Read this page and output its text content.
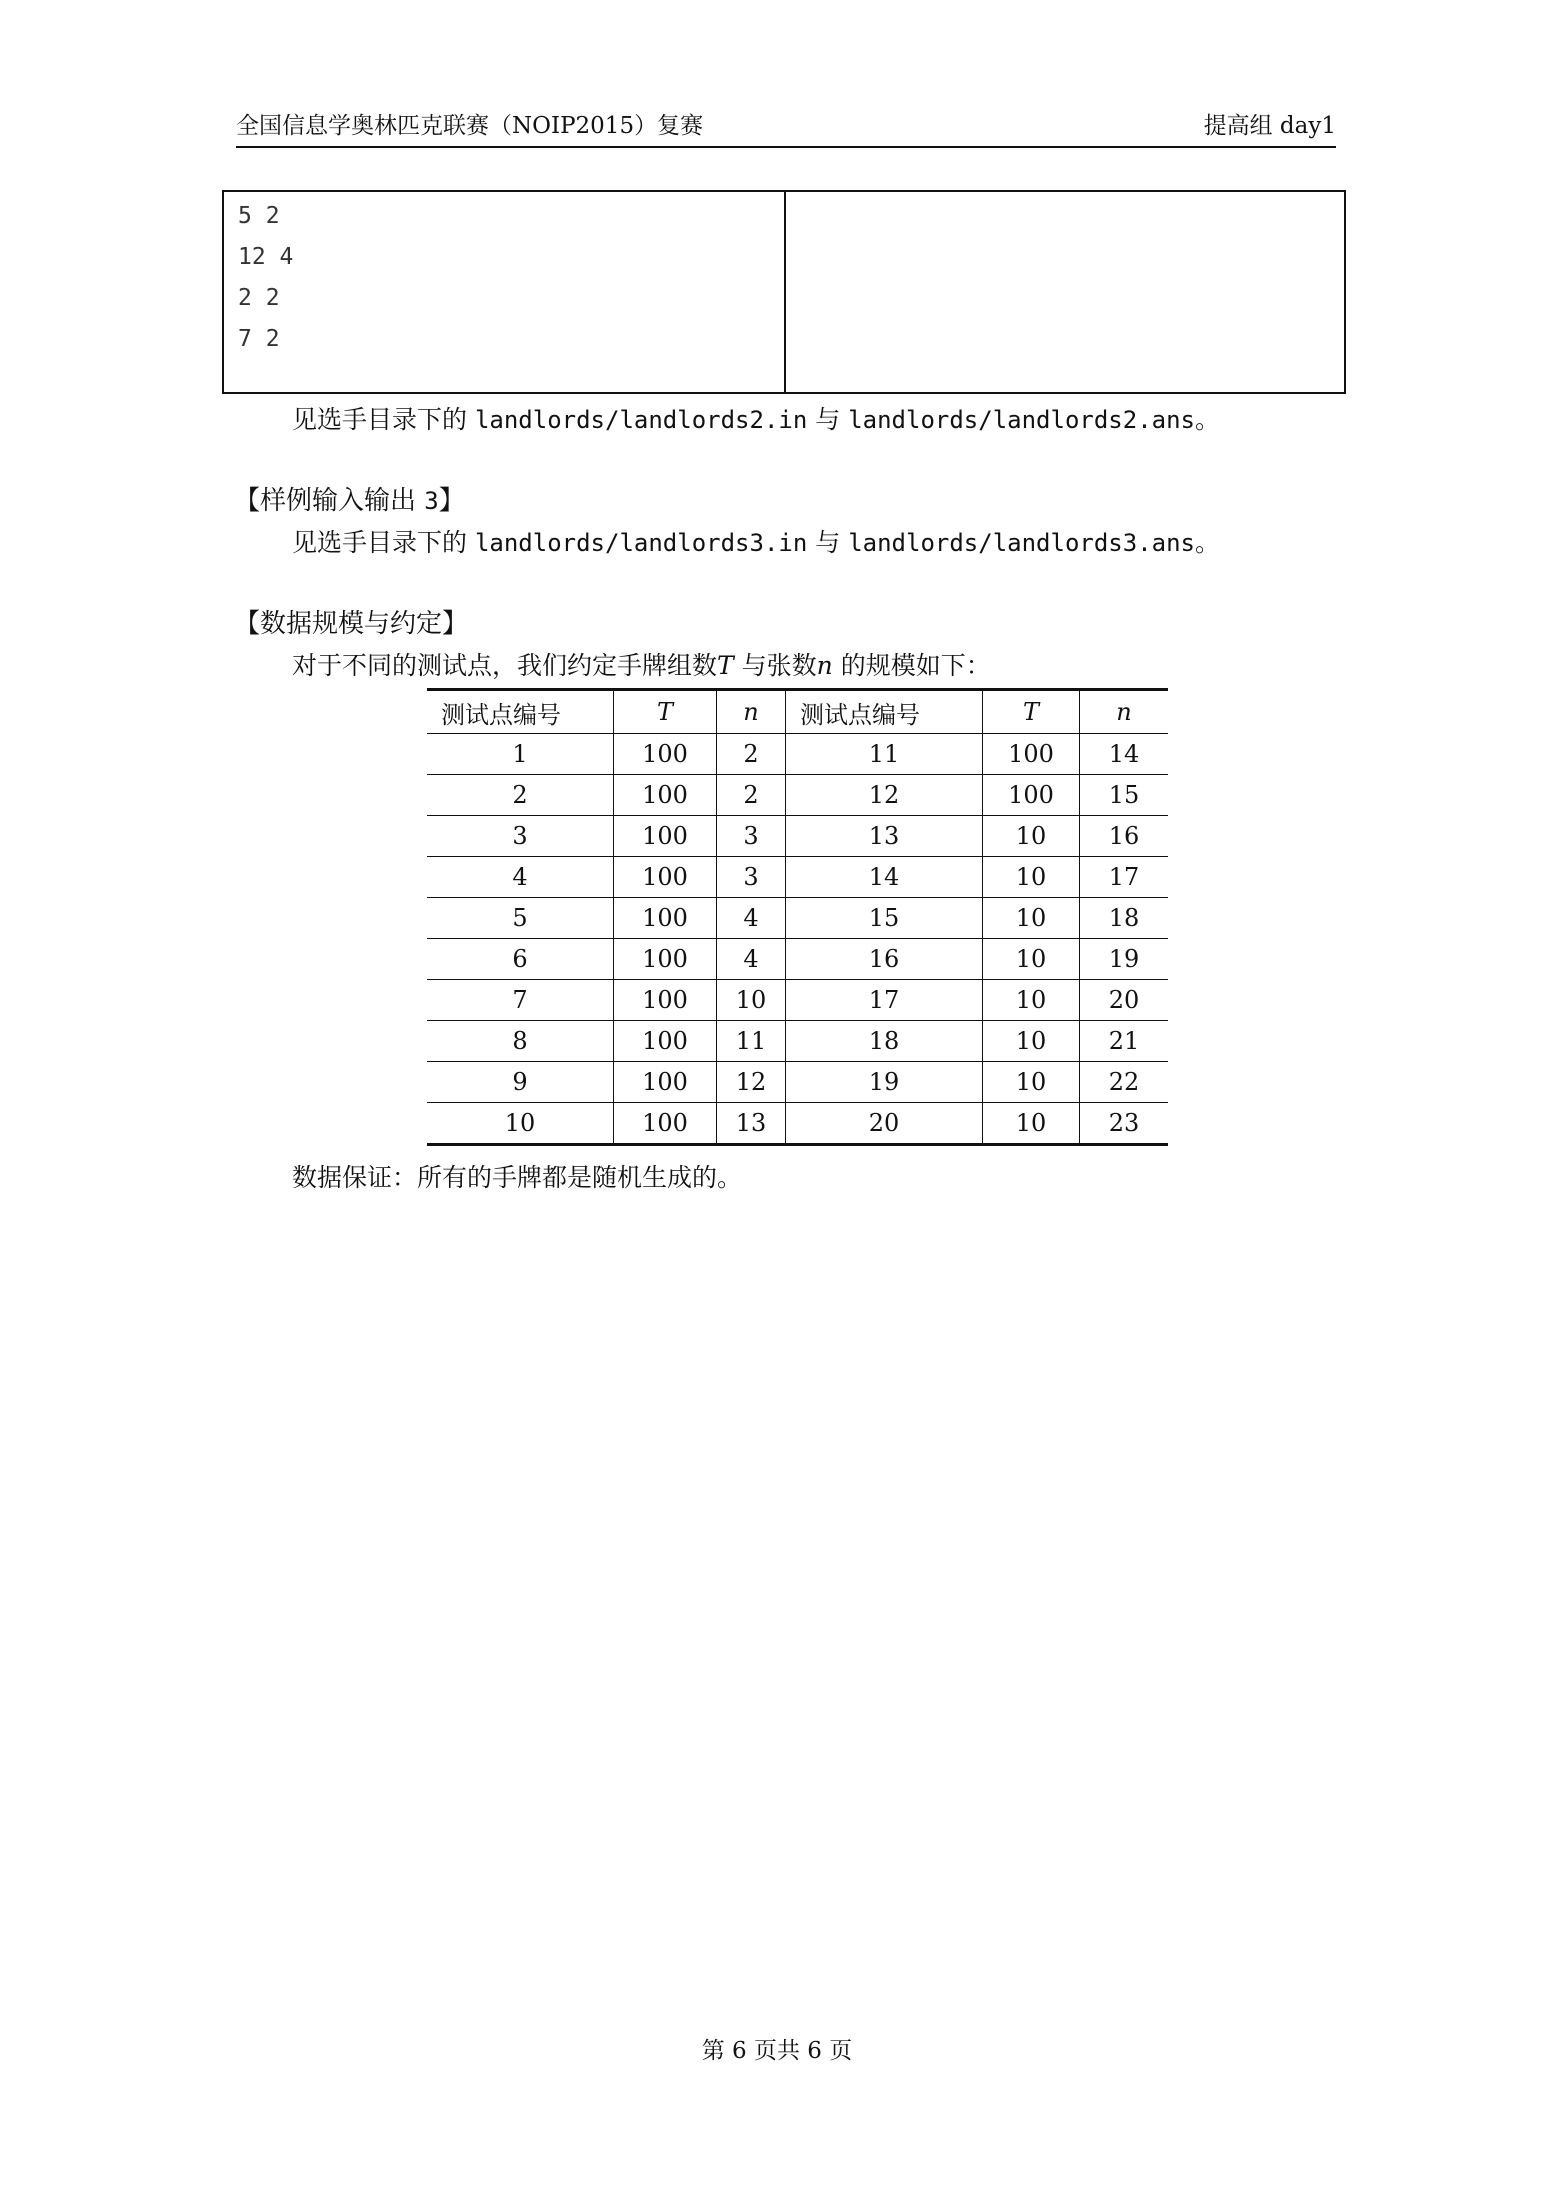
全国信息学奥林匹克联赛（NOIP2015）复赛	提高组 day1
5 2
12 4
2 2
7 2
见选手目录下的 landlords/landlords2.in 与 landlords/landlords2.ans。
【样例输入输出 3】
见选手目录下的 landlords/landlords3.in 与 landlords/landlords3.ans。
【数据规模与约定】
对于不同的测试点，我们约定手牌组数T 与张数n 的规模如下：
测试点编号	T	n	测试点编号	T	n
1	100	2	11	100	14
2	100	2	12	100	15
3	100	3	13	10	16
4	100	3	14	10	17
5	100	4	15	10	18
6	100	4	16	10	19
7	100	10	17	10	20
8	100	11	18	10	21
9	100	12	19	10	22
10	100	13	20	10	23
数据保证：所有的手牌都是随机生成的。
第 6 页共 6 页
